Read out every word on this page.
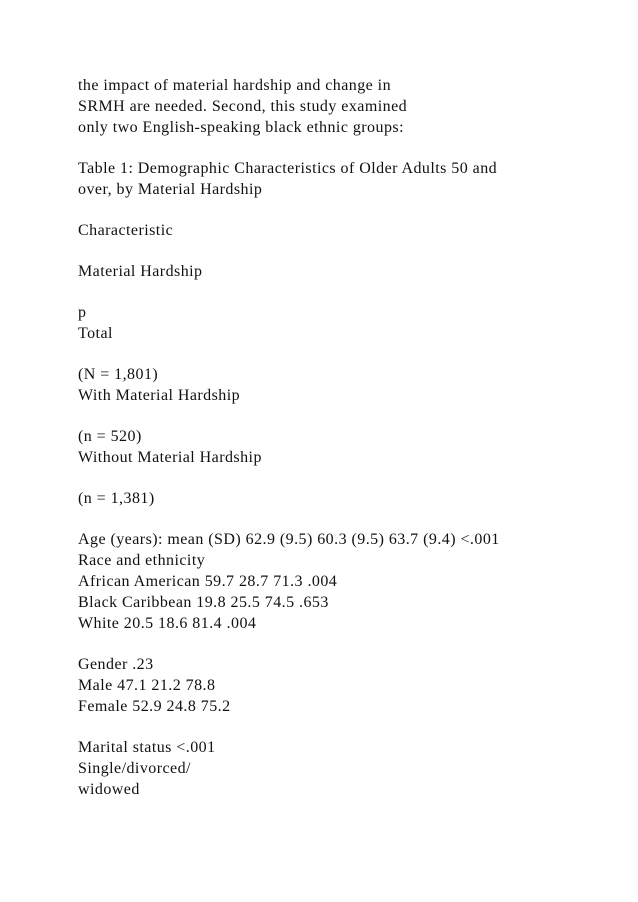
the impact of material hardship and change in

SRMH are needed. Second, this study examined

only two English-speaking black ethnic groups:

Table 1: Demographic Characteristics of Older Adults 50 and

over, by Material Hardship

Characteristic

Material Hardship

p

Total

(N = 1,801)

With Material Hardship

(n = 520)

Without Material Hardship

(n = 1,381)

Age (years): mean (SD) 62.9 (9.5) 60.3 (9.5) 63.7 (9.4) <.001

Race and ethnicity

African American 59.7 28.7 71.3 .004

Black Caribbean 19.8 25.5 74.5 .653

White 20.5 18.6 81.4 .004

Gender .23

Male 47.1 21.2 78.8

Female 52.9 24.8 75.2

Marital status <.001

Single/divorced/

widowed
